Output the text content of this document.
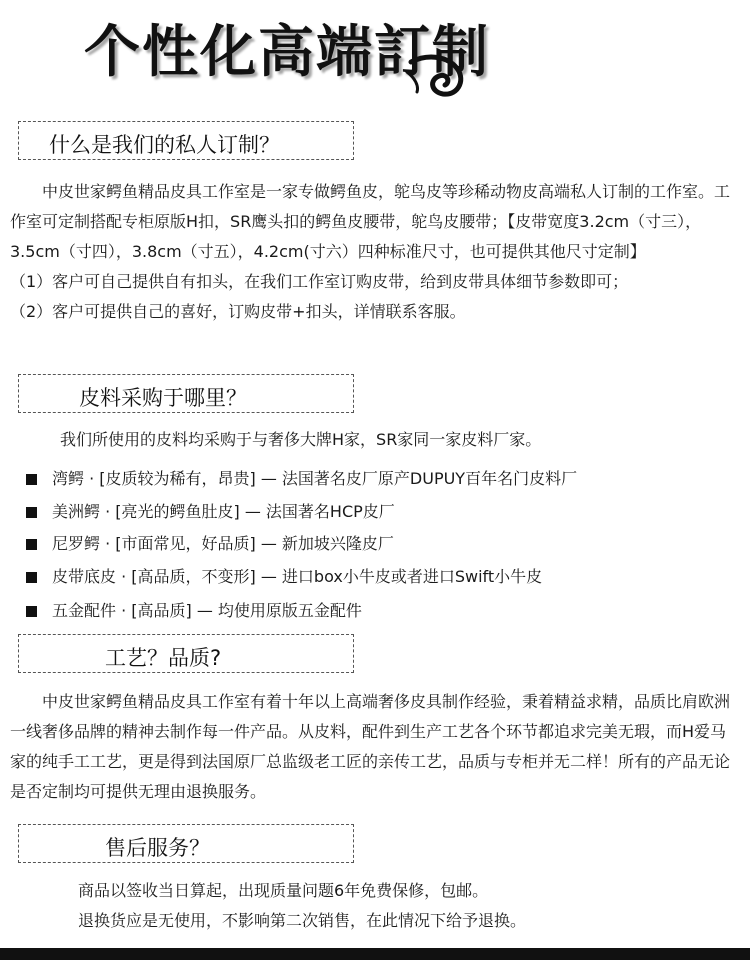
个性化高端訂制
什么是我们的私人订制？

中皮世家鳄鱼精品皮具工作室是一家专做鳄鱼皮，鸵鸟皮等珍稀动物皮高端私人订制的工作室。工作室可定制搭配专柜原版H扣，SR鹰头扣的鳄鱼皮腰带，鸵鸟皮腰带；【皮带宽度3.2cm（寸三），3.5cm（寸四），3.8cm（寸五），4.2cm(寸六）四种标准尺寸，也可提供其他尺寸定制】

（1）客户可自己提供自有扣头，在我们工作室订购皮带，给到皮带具体细节参数即可；

（2）客户可提供自己的喜好，订购皮带+扣头，详情联系客服。

皮料采购于哪里？

我们所使用的皮料均采购于与奢侈大牌H家，SR家同一家皮料厂家。

湾鳄 · [皮质较为稀有，昂贵] — 法国著名皮厂原产DUPUY百年名门皮料厂
美洲鳄 · [亮光的鳄鱼肚皮] — 法国著名HCP皮厂
尼罗鳄 · [市面常见，好品质] — 新加坡兴隆皮厂
皮带底皮 · [高品质，不变形] — 进口box小牛皮或者进口Swift小牛皮
五金配件 · [高品质] — 均使用原版五金配件
工艺？品质?

中皮世家鳄鱼精品皮具工作室有着十年以上高端奢侈皮具制作经验，秉着精益求精，品质比肩欧洲一线奢侈品牌的精神去制作每一件产品。从皮料，配件到生产工艺各个环节都追求完美无瑕，而H爱马家的纯手工工艺，更是得到法国原厂总监级老工匠的亲传工艺，品质与专柜并无二样！所有的产品无论是否定制均可提供无理由退换服务。

售后服务？

商品以签收当日算起，出现质量问题6年免费保修，包邮。

退换货应是无使用，不影响第二次销售，在此情况下给予退换。
